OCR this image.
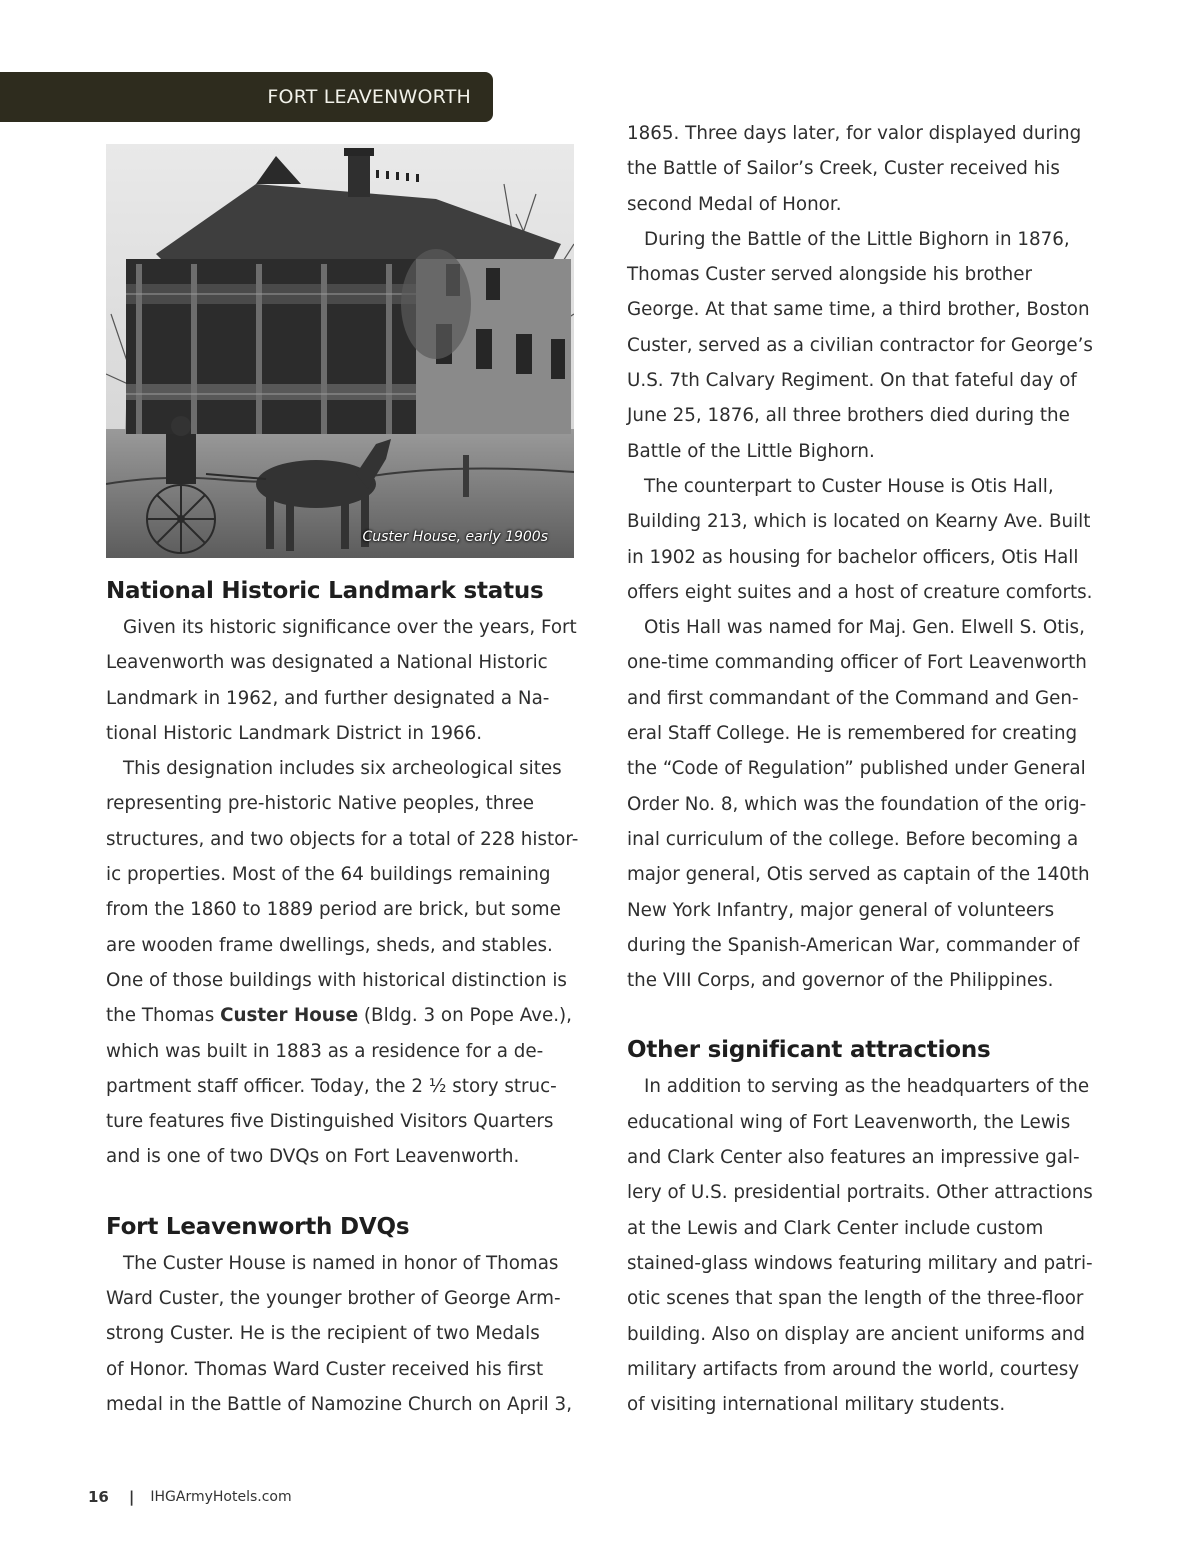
FORT LEAVENWORTH
Custer House, early 1900s
National Historic Landmark status

Given its historic significance over the years, Fort

Leavenworth was designated a National Historic

Landmark in 1962, and further designated a Na-

tional Historic Landmark District in 1966.

This designation includes six archeological sites

representing pre-historic Native peoples, three

structures, and two objects for a total of 228 histor-

ic properties. Most of the 64 buildings remaining

from the 1860 to 1889 period are brick, but some

are wooden frame dwellings, sheds, and stables.

One of those buildings with historical distinction is

the Thomas Custer House (Bldg. 3 on Pope Ave.),

which was built in 1883 as a residence for a de-

partment staff officer. Today, the 2 ½ story struc-

ture features five Distinguished Visitors Quarters

and is one of two DVQs on Fort Leavenworth.

Fort Leavenworth DVQs

The Custer House is named in honor of Thomas

Ward Custer, the younger brother of George Arm-

strong Custer. He is the recipient of two Medals

of Honor. Thomas Ward Custer received his first

medal in the Battle of Namozine Church on April 3,

1865. Three days later, for valor displayed during

the Battle of Sailor’s Creek, Custer received his

second Medal of Honor.

During the Battle of the Little Bighorn in 1876,

Thomas Custer served alongside his brother

George. At that same time, a third brother, Boston

Custer, served as a civilian contractor for George’s

U.S. 7th Calvary Regiment. On that fateful day of

June 25, 1876, all three brothers died during the

Battle of the Little Bighorn.

The counterpart to Custer House is Otis Hall,

Building 213, which is located on Kearny Ave. Built

in 1902 as housing for bachelor officers, Otis Hall

offers eight suites and a host of creature comforts.

Otis Hall was named for Maj. Gen. Elwell S. Otis,

one-time commanding officer of Fort Leavenworth

and first commandant of the Command and Gen-

eral Staff College. He is remembered for creating

the “Code of Regulation” published under General

Order No. 8, which was the foundation of the orig-

inal curriculum of the college. Before becoming a

major general, Otis served as captain of the 140th

New York Infantry, major general of volunteers

during the Spanish-American War, commander of

the VIII Corps, and governor of the Philippines.

Other significant attractions

In addition to serving as the headquarters of the

educational wing of Fort Leavenworth, the Lewis

and Clark Center also features an impressive gal-

lery of U.S. presidential portraits. Other attractions

at the Lewis and Clark Center include custom

stained-glass windows featuring military and patri-

otic scenes that span the length of the three-floor

building. Also on display are ancient uniforms and

military artifacts from around the world, courtesy

of visiting international military students.

16 | IHGArmyHotels.com
